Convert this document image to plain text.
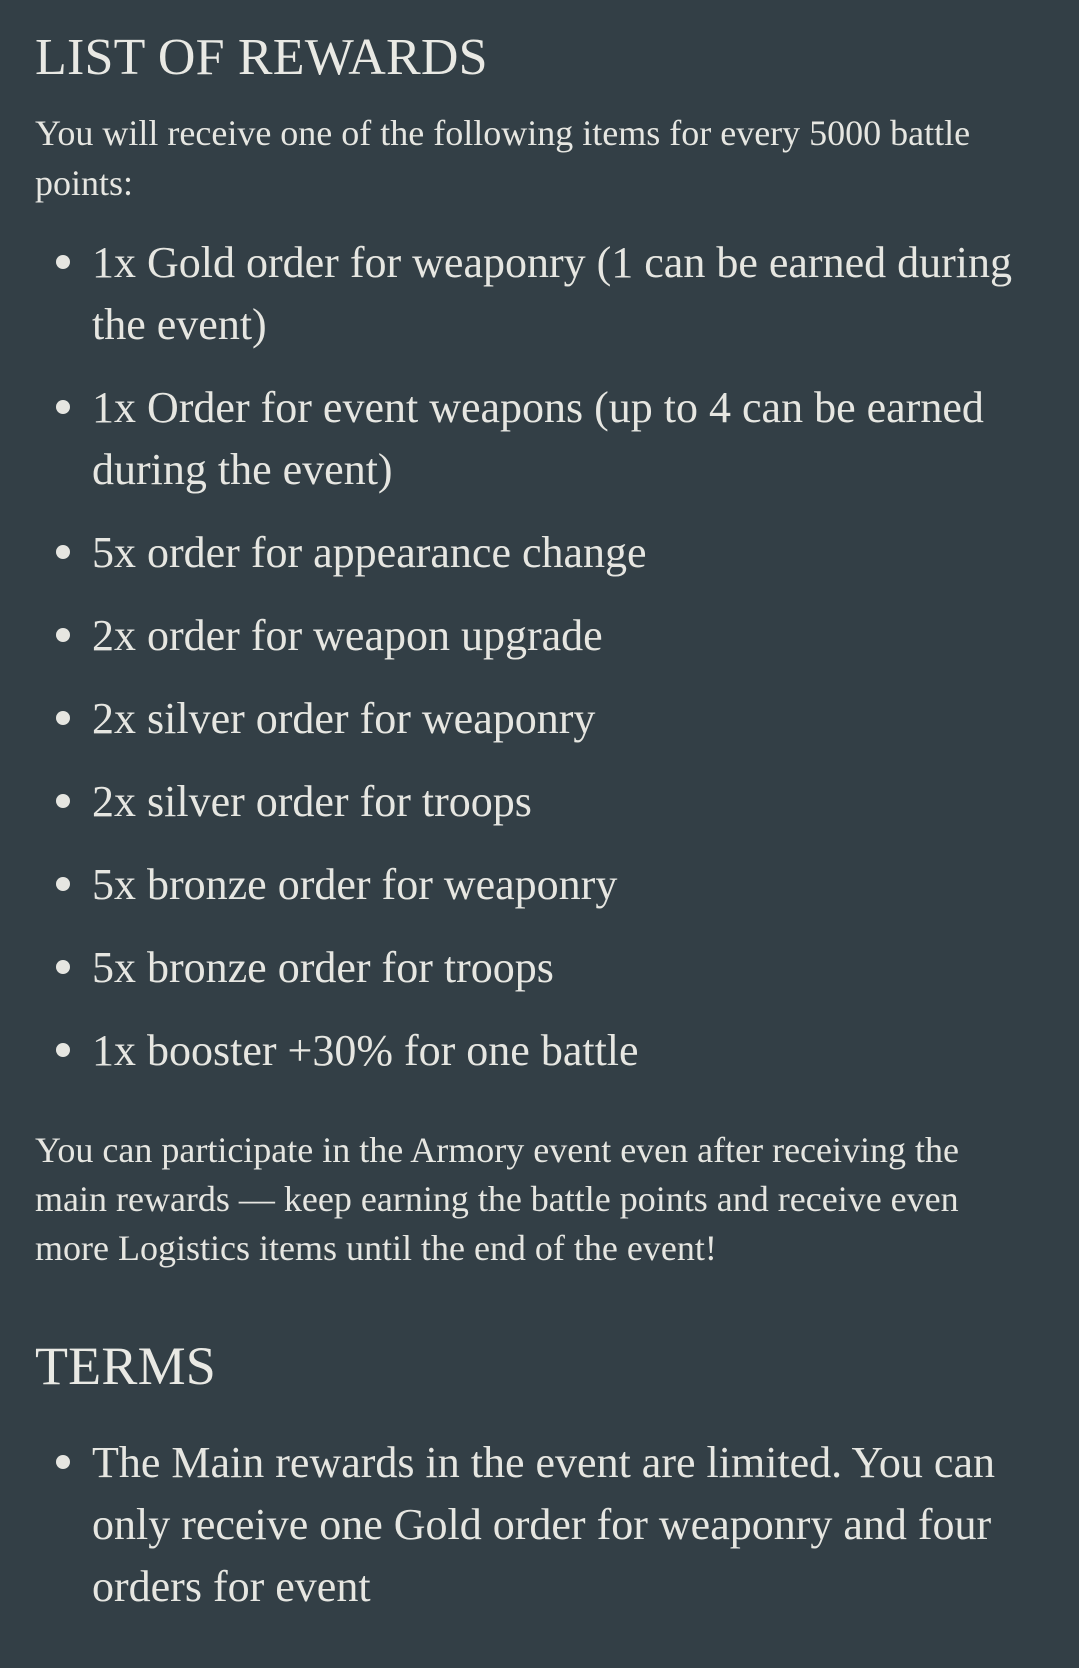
LIST OF REWARDS

You will receive one of the following items for every 5000 battle points:

1x Gold order for weaponry (1 can be earned during the event)
1x Order for event weapons (up to 4 can be earned during the event)
5x order for appearance change
2x order for weapon upgrade
2x silver order for weaponry
2x silver order for troops
5x bronze order for weaponry
5x bronze order for troops
1x booster +30% for one battle

You can participate in the Armory event even after receiving the main rewards — keep earning the battle points and receive even more Logistics items until the end of the event!

TERMS
The Main rewards in the event are limited. You can only receive one Gold order for weaponry and four orders for event
